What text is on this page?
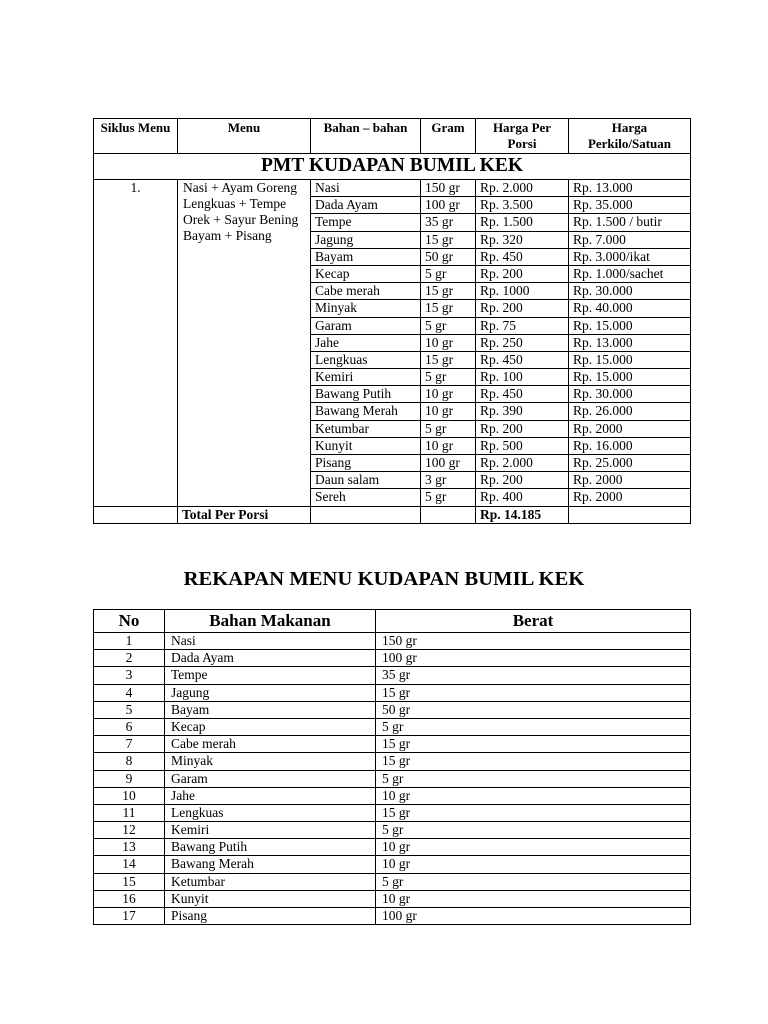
Siklus Menu	Menu	Bahan – bahan	Gram	Harga Per Porsi	Harga Perkilo/Satuan
PMT KUDAPAN BUMIL KEK					
1.	Nasi + Ayam Goreng Lengkuas + Tempe Orek + Sayur Bening Bayam + Pisang	Nasi	150 gr	Rp. 2.000	Rp. 13.000
		Dada Ayam	100 gr	Rp. 3.500	Rp. 35.000
		Tempe	35 gr	Rp. 1.500	Rp. 1.500 / butir
		Jagung	15 gr	Rp. 320	Rp. 7.000
		Bayam	50 gr	Rp. 450	Rp. 3.000/ikat
		Kecap	5 gr	Rp. 200	Rp. 1.000/sachet
		Cabe merah	15 gr	Rp. 1000	Rp. 30.000
		Minyak	15 gr	Rp. 200	Rp. 40.000
		Garam	5 gr	Rp. 75	Rp. 15.000
		Jahe	10 gr	Rp. 250	Rp. 13.000
		Lengkuas	15 gr	Rp. 450	Rp. 15.000
		Kemiri	5 gr	Rp. 100	Rp. 15.000
		Bawang Putih	10 gr	Rp. 450	Rp. 30.000
		Bawang Merah	10 gr	Rp. 390	Rp. 26.000
		Ketumbar	5 gr	Rp. 200	Rp. 2000
		Kunyit	10 gr	Rp. 500	Rp. 16.000
		Pisang	100 gr	Rp. 2.000	Rp. 25.000
		Daun salam	3 gr	Rp. 200	Rp. 2000
		Sereh	5 gr	Rp. 400	Rp. 2000
	Total Per Porsi			Rp. 14.185	
REKAPAN MENU KUDAPAN BUMIL KEK
No	Bahan Makanan	Berat
1	Nasi	150 gr
2	Dada Ayam	100 gr
3	Tempe	35 gr
4	Jagung	15 gr
5	Bayam	50 gr
6	Kecap	5 gr
7	Cabe merah	15 gr
8	Minyak	15 gr
9	Garam	5 gr
10	Jahe	10 gr
11	Lengkuas	15 gr
12	Kemiri	5 gr
13	Bawang Putih	10 gr
14	Bawang Merah	10 gr
15	Ketumbar	5 gr
16	Kunyit	10 gr
17	Pisang	100 gr
